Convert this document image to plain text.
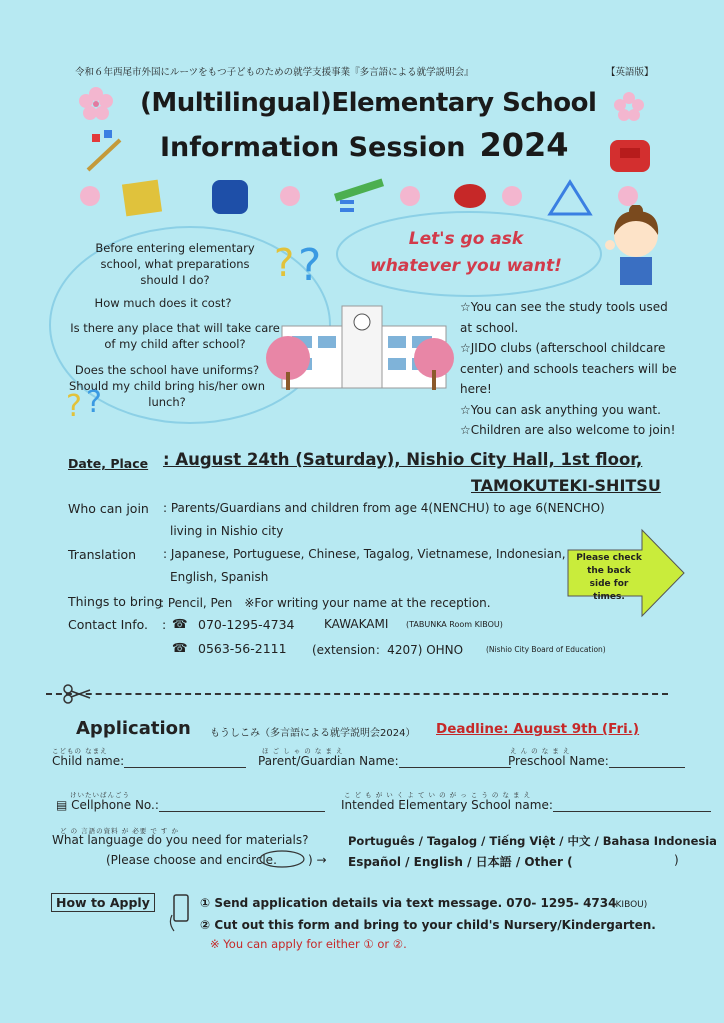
令和６年西尾市外国にルーツをもつ子どものための就学支援事業『多言語による就学説明会』	【英語版】
(Multilingual)Elementary School
Information Session 2024
Before entering elementary school, what preparations should I do?
How much does it cost?
Is there any place that will take care of my child after school?
Does the school have uniforms? Should my child bring his/her own lunch?
? ?
? ?
Let's go ask
whatever you want!
☆You can see the study tools used at school.
☆JIDO clubs (afterschool childcare center) and schools teachers will be here!
☆You can ask anything you want.
☆Children are also welcome to join!
Date, Place : August 24th (Saturday), Nishio City Hall, 1st floor,
TAMOKUTEKI-SHITSU
Who can join : Parents/Guardians and children from age 4(NENCHU) to age 6(NENCHO)
living in Nishio city
Translation : Japanese, Portuguese, Chinese, Tagalog, Vietnamese, Indonesian,
English, Spanish
Things to bring
: Pencil, Pen　※For writing your name at the reception.
Contact Info. : ☎ 070-1295-4734 KAWAKAMI (TABUNKA Room KIBOU)
☎ 0563-56-2111 (extension：4207) OHNO	(Nishio City Board of Education)
Please check the back side for times.
Application もうしこみ（多言語による就学説明会2024） Deadline: August 9th (Fri.)
こどもの なまえ
Child name:
ほ ご し ゃ の な ま え
Parent/Guardian Name:
え ん の な ま え
Preschool Name:
けいたいばんごう
▤ Cellphone No.:
こ ど も が い く よ て い の が っ こ う の な ま え
Intended Elementary School name:
ど の 言語の資料 が 必要 で す か
What language do you need for materials?
(Please choose and encircle.	) →
Português / Tagalog / Tiếng Việt / 中文 / Bahasa Indonesia
Español / English / 日本語 / Other (	)
How to Apply	① Send application details via text message. 070- 1295- 4734
(KIBOU)
② Cut out this form and bring to your child's Nursery/Kindergarten.
※ You can apply for either ① or ②.
